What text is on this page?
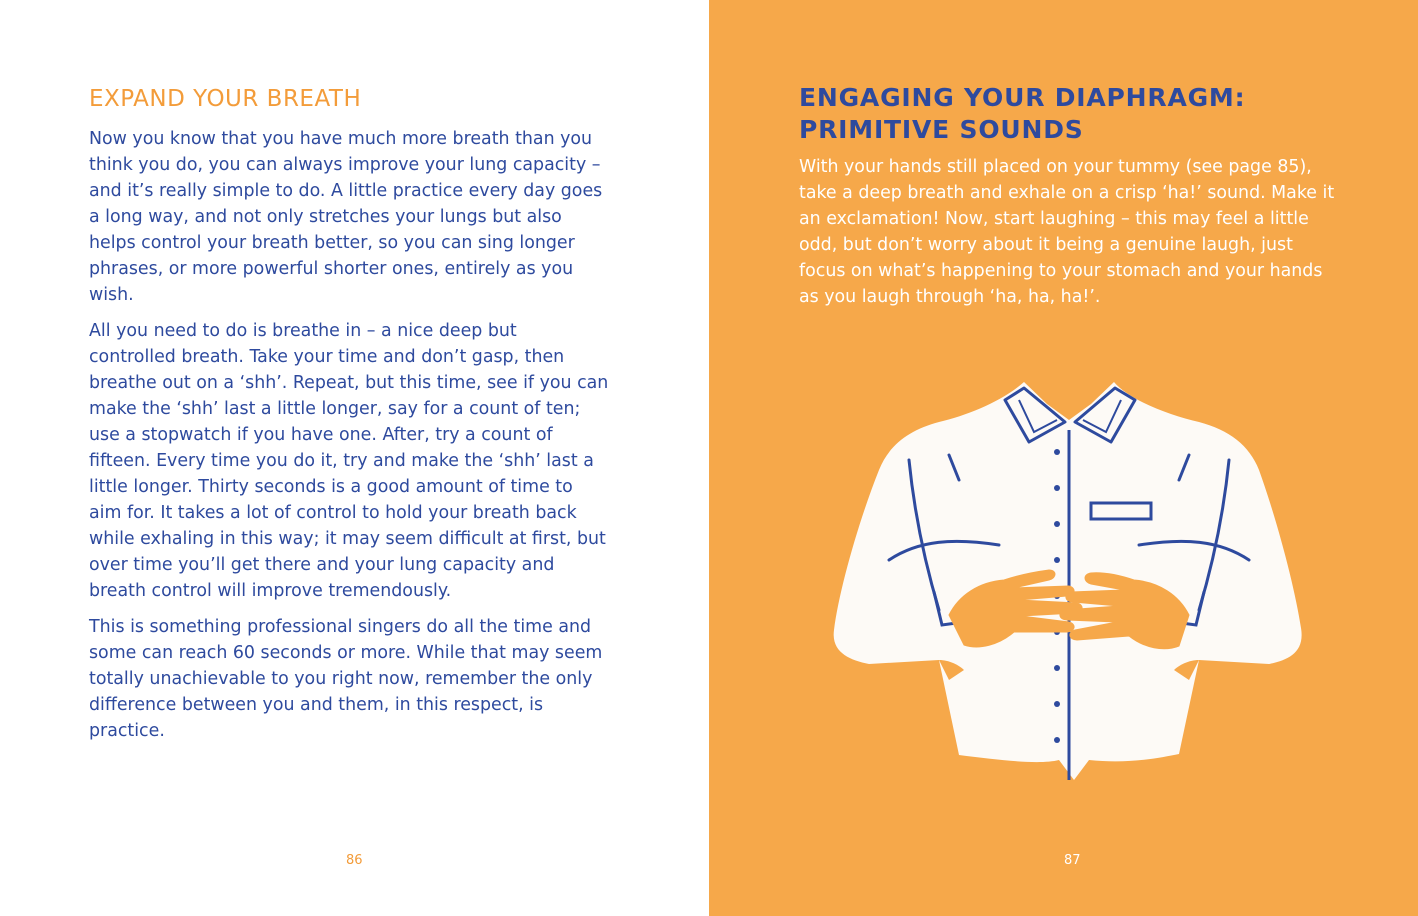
EXPAND YOUR BREATH

Now you know that you have much more breath than you think you do, you can always improve your lung capacity – and it’s really simple to do. A little practice every day goes a long way, and not only stretches your lungs but also helps control your breath better, so you can sing longer phrases, or more powerful shorter ones, entirely as you wish.

All you need to do is breathe in – a nice deep but controlled breath. Take your time and don’t gasp, then breathe out on a ‘shh’. Repeat, but this time, see if you can make the ‘shh’ last a little longer, say for a count of ten; use a stopwatch if you have one. After, try a count of fifteen. Every time you do it, try and make the ‘shh’ last a little longer. Thirty seconds is a good amount of time to aim for. It takes a lot of control to hold your breath back while exhaling in this way; it may seem difficult at first, but over time you’ll get there and your lung capacity and breath control will improve tremendously.

This is something professional singers do all the time and some can reach 60 seconds or more. While that may seem totally unachievable to you right now, remember the only difference between you and them, in this respect, is practice.

86
ENGAGING YOUR DIAPHRAGM:
PRIMITIVE SOUNDS

With your hands still placed on your tummy (see page 85), take a deep breath and exhale on a crisp ‘ha!’ sound. Make it an exclamation! Now, start laughing – this may feel a little odd, but don’t worry about it being a genuine laugh, just focus on what’s happening to your stomach and your hands as you laugh through ‘ha, ha, ha!’.

87
